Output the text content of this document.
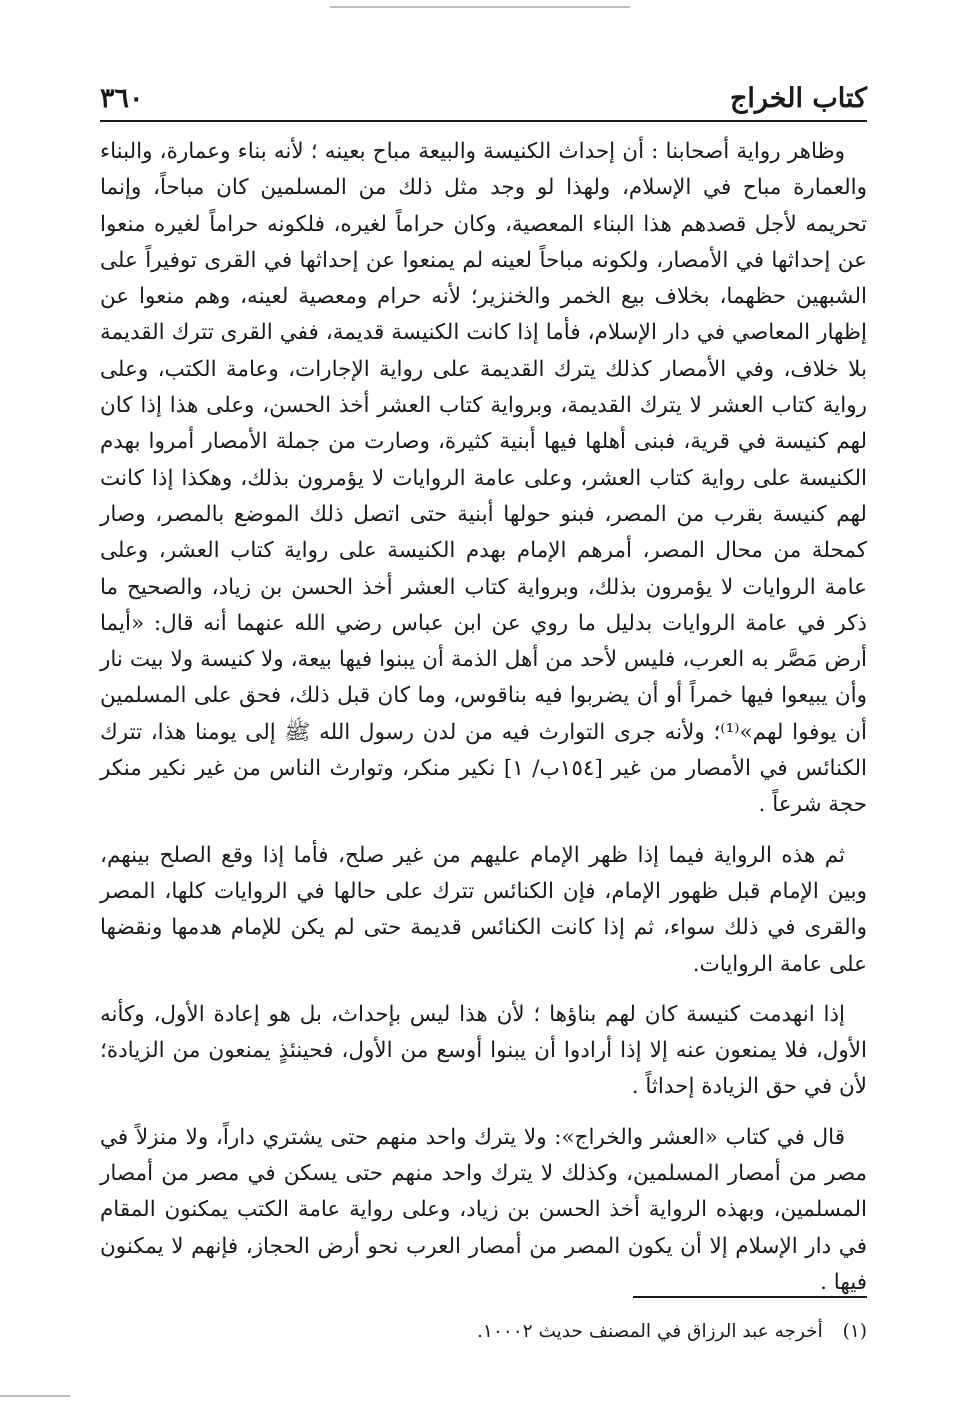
كتاب الخراج
٣٦٠

وظاهر رواية أصحابنا : أن إحداث الكنيسة والبيعة مباح بعينه ؛ لأنه بناء وعمارة، والبناء والعمارة مباح في الإسلام، ولهذا لو وجد مثل ذلك من المسلمين كان مباحاً، وإنما تحريمه لأجل قصدهم هذا البناء المعصية، وكان حراماً لغيره، فلكونه حراماً لغيره منعوا عن إحداثها في الأمصار، ولكونه مباحاً لعينه لم يمنعوا عن إحداثها في القرى توفيراً على الشبهين حظهما، بخلاف بيع الخمر والخنزير؛ لأنه حرام ومعصية لعينه، وهم منعوا عن إظهار المعاصي في دار الإسلام، فأما إذا كانت الكنيسة قديمة، ففي القرى تترك القديمة بلا خلاف، وفي الأمصار كذلك يترك القديمة على رواية الإجارات، وعامة الكتب، وعلى رواية كتاب العشر لا يترك القديمة، وبرواية كتاب العشر أخذ الحسن، وعلى هذا إذا كان لهم كنيسة في قرية، فبنى أهلها فيها أبنية كثيرة، وصارت من جملة الأمصار أمروا بهدم الكنيسة على رواية كتاب العشر، وعلى عامة الروايات لا يؤمرون بذلك، وهكذا إذا كانت لهم كنيسة بقرب من المصر، فبنو حولها أبنية حتى اتصل ذلك الموضع بالمصر، وصار كمحلة من محال المصر، أمرهم الإمام بهدم الكنيسة على رواية كتاب العشر، وعلى عامة الروايات لا يؤمرون بذلك، وبرواية كتاب العشر أخذ الحسن بن زياد، والصحيح ما ذكر في عامة الروايات بدليل ما روي عن ابن عباس رضي الله عنهما أنه قال: «أيما أرض مَصَّر به العرب، فليس لأحد من أهل الذمة أن يبنوا فيها بيعة، ولا كنيسة ولا بيت نار وأن يبيعوا فيها خمراً أو أن يضربوا فيه بناقوس، وما كان قبل ذلك، فحق على المسلمين أن يوفوا لهم»⁽¹⁾؛ ولأنه جرى التوارث فيه من لدن رسول الله ﷺ إلى يومنا هذا، تترك الكنائس في الأمصار من غير [١٥٤ب/ ١] نكير منكر، وتوارث الناس من غير نكير منكر حجة شرعاً .

ثم هذه الرواية فيما إذا ظهر الإمام عليهم من غير صلح، فأما إذا وقع الصلح بينهم، وبين الإمام قبل ظهور الإمام، فإن الكنائس تترك على حالها في الروايات كلها، المصر والقرى في ذلك سواء، ثم إذا كانت الكنائس قديمة حتى لم يكن للإمام هدمها ونقضها على عامة الروايات.

إذا انهدمت كنيسة كان لهم بناؤها ؛ لأن هذا ليس بإحداث، بل هو إعادة الأول، وكأنه الأول، فلا يمنعون عنه إلا إذا أرادوا أن يبنوا أوسع من الأول، فحينئذٍ يمنعون من الزيادة؛ لأن في حق الزيادة إحداثاً .

قال في كتاب «العشر والخراج»: ولا يترك واحد منهم حتى يشتري داراً، ولا منزلاً في مصر من أمصار المسلمين، وكذلك لا يترك واحد منهم حتى يسكن في مصر من أمصار المسلمين، وبهذه الرواية أخذ الحسن بن زياد، وعلى رواية عامة الكتب يمكنون المقام في دار الإسلام إلا أن يكون المصر من أمصار العرب نحو أرض الحجاز، فإنهم لا يمكنون فيها .

(١) أخرجه عبد الرزاق في المصنف حديث ١٠٠٠٢.
